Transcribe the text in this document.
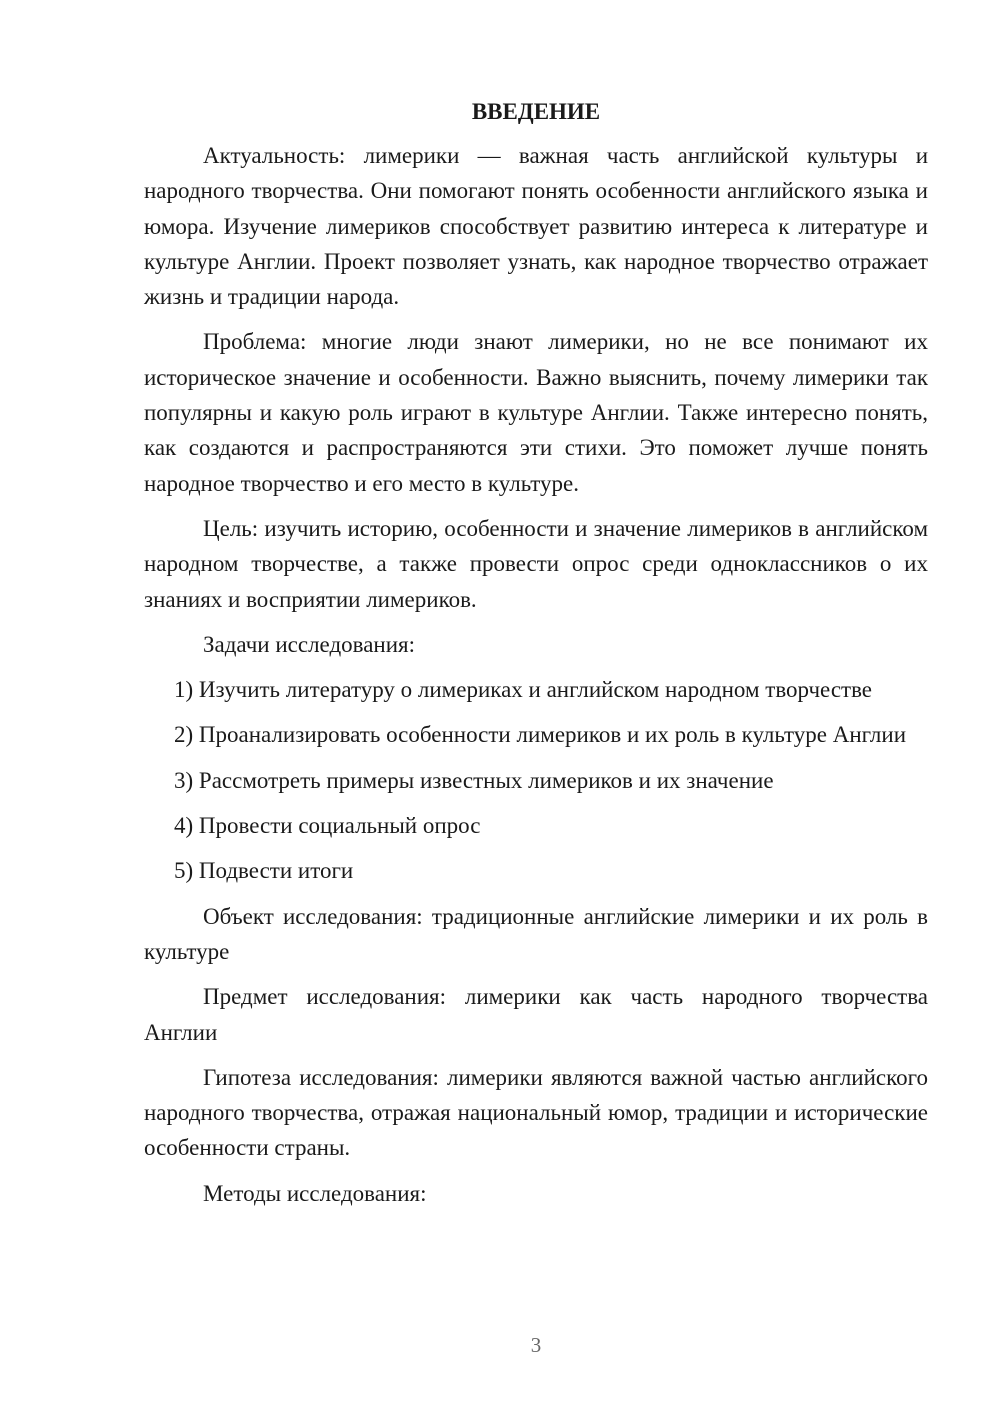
ВВЕДЕНИЕ

Актуальность: лимерики — важная часть английской культуры и народного творчества. Они помогают понять особенности английского языка и юмора. Изучение лимериков способствует развитию интереса к литературе и культуре Англии. Проект позволяет узнать, как народное творчество отражает жизнь и традиции народа.

Проблема: многие люди знают лимерики, но не все понимают их историческое значение и особенности. Важно выяснить, почему лимерики так популярны и какую роль играют в культуре Англии. Также интересно понять, как создаются и распространяются эти стихи. Это поможет лучше понять народное творчество и его место в культуре.

Цель: изучить историю, особенности и значение лимериков в английском народном творчестве, а также провести опрос среди одноклассников о их знаниях и восприятии лимериков.

Задачи исследования:

1) Изучить литературу о лимериках и английском народном творчестве

2) Проанализировать особенности лимериков и их роль в культуре Англии

3) Рассмотреть примеры известных лимериков и их значение

4) Провести социальный опрос

5) Подвести итоги

Объект исследования: традиционные английские лимерики и их роль в культуре

Предмет исследования: лимерики как часть народного творчества Англии

Гипотеза исследования: лимерики являются важной частью английского народного творчества, отражая национальный юмор, традиции и исторические особенности страны.

Методы исследования:

3
